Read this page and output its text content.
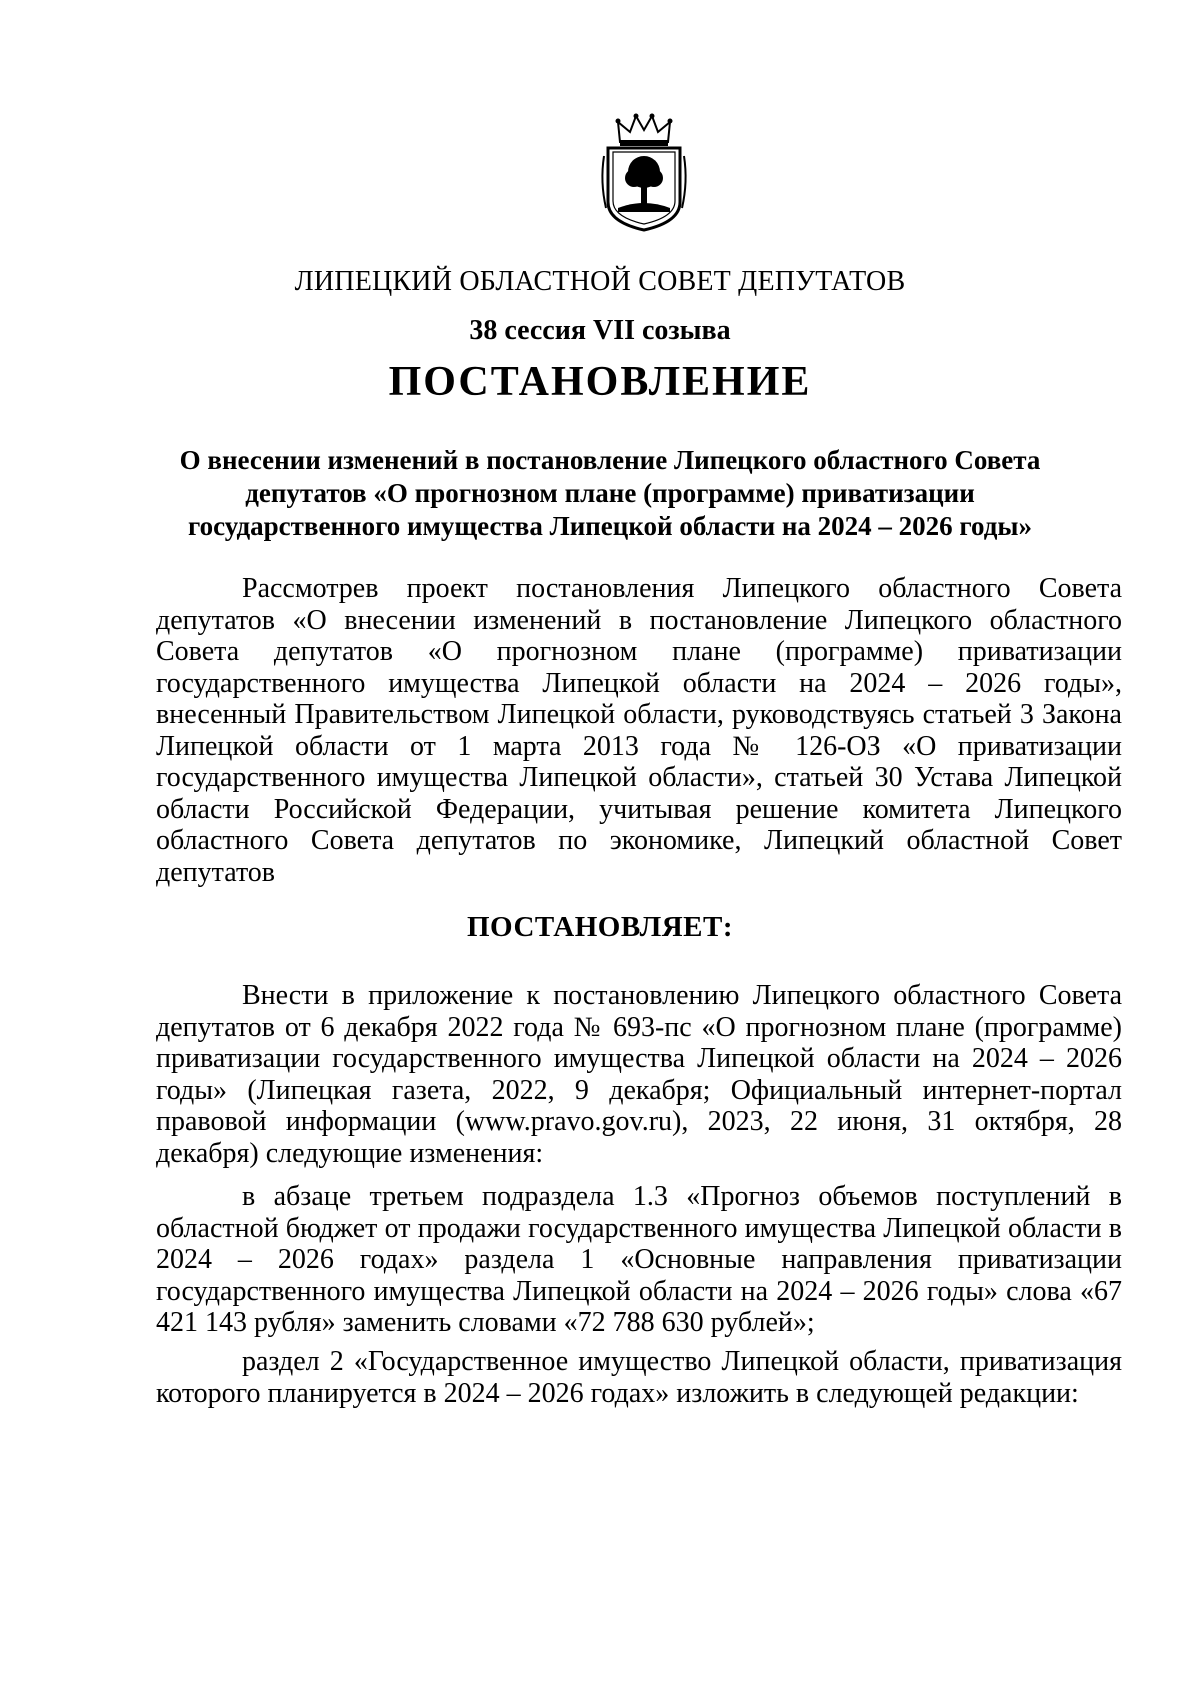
ЛИПЕЦКИЙ ОБЛАСТНОЙ СОВЕТ ДЕПУТАТОВ
38 сессия VII созыва
ПОСТАНОВЛЕНИЕ
О внесении изменений в постановление Липецкого областного Совета
депутатов «О прогнозном плане (программе) приватизации
государственного имущества Липецкой области на 2024 – 2026 годы»
Рассмотрев проект постановления Липецкого областного Совета депутатов «О внесении изменений в постановление Липецкого областного Совета депутатов «О прогнозном плане (программе) приватизации государственного имущества Липецкой области на 2024 – 2026 годы», внесенный Правительством Липецкой области, руководствуясь статьей 3 Закона Липецкой области от 1 марта 2013 года № 126-ОЗ «О приватизации государственного имущества Липецкой области», статьей 30 Устава Липецкой области Российской Федерации, учитывая решение комитета Липецкого областного Совета депутатов по экономике, Липецкий областной Совет депутатов
ПОСТАНОВЛЯЕТ:
Внести в приложение к постановлению Липецкого областного Совета депутатов от 6 декабря 2022 года № 693-пс «О прогнозном плане (программе) приватизации государственного имущества Липецкой области на 2024 – 2026 годы» (Липецкая газета, 2022, 9 декабря; Официальный интернет-портал правовой информации (www.pravo.gov.ru), 2023, 22 июня, 31 октября, 28 декабря) следующие изменения:
в абзаце третьем подраздела 1.3 «Прогноз объемов поступлений в областной бюджет от продажи государственного имущества Липецкой области в 2024 – 2026 годах» раздела 1 «Основные направления приватизации государственного имущества Липецкой области на 2024 – 2026 годы» слова «67 421 143 рубля» заменить словами «72 788 630 рублей»;
раздел 2 «Государственное имущество Липецкой области, приватизация которого планируется в 2024 – 2026 годах» изложить в следующей редакции:
